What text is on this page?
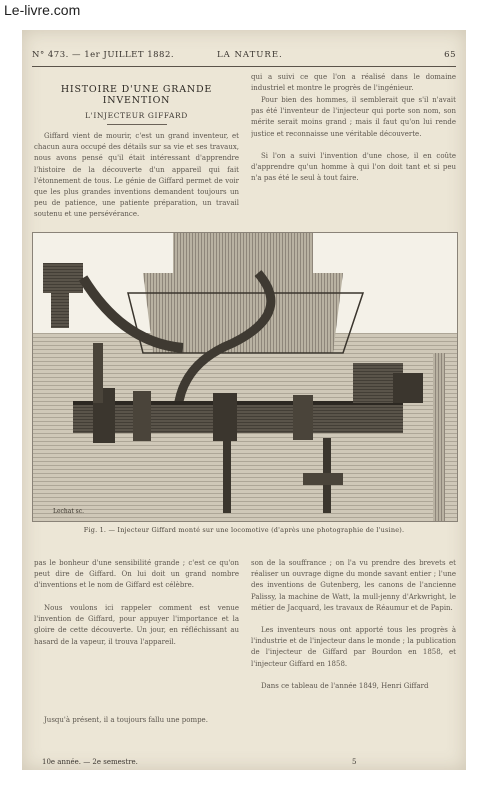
Le-livre.com
N° 473. — 1er JUILLET 1882.	LA NATURE.	65
HISTOIRE D'UNE GRANDE INVENTION
L'INJECTEUR GIFFARD

Giffard vient de mourir, c'est un grand inventeur, et chacun aura occupé des détails sur sa vie et ses travaux, nous avons pensé qu'il était intéressant d'apprendre l'histoire de la découverte d'un appareil qui fait l'étonnement de tous. Le génie de Giffard permet de voir que les plus grandes inventions demandent toujours un peu de patience, une patiente préparation, un travail soutenu et une persévérance.

qui a suivi ce que l'on a réalisé dans le domaine industriel et montre le progrès de l'ingénieur.

Pour bien des hommes, il semblerait que s'il n'avait pas été l'inventeur de l'injecteur qui porte son nom, son mérite serait moins grand ; mais il faut qu'on lui rende justice et reconnaisse une véritable découverte.

Si l'on a suivi l'invention d'une chose, il en coûte d'apprendre qu'un homme à qui l'on doit tant et si peu n'a pas été le seul à tout faire.

Lechat sc.
Fig. 1. — Injecteur Giffard monté sur une locomotive (d'après une photographie de l'usine).

pas le bonheur d'une sensibilité grande ; c'est ce qu'on peut dire de Giffard. On lui doit un grand nombre d'inventions et le nom de Giffard est célèbre.

Nous voulons ici rappeler comment est venue l'invention de Giffard, pour appuyer l'importance et la gloire de cette découverte. Un jour, en réfléchissant au hasard de la vapeur, il trouva l'appareil.

Jusqu'à présent, il a toujours fallu une pompe.

son de la souffrance ; on l'a vu prendre des brevets et réaliser un ouvrage digne du monde savant entier ; l'une des inventions de Gutenberg, les canons de l'ancienne Palissy, la machine de Watt, la mull-jenny d'Arkwright, le métier de Jacquard, les travaux de Réaumur et de Papin.

Les inventeurs nous ont apporté tous les progrès à l'industrie et de l'injecteur dans le monde ; la publication de l'injecteur de Giffard par Bourdon en 1858, et l'injecteur Giffard en 1858.

Dans ce tableau de l'année 1849, Henri Giffard

10e année. — 2e semestre.	5
